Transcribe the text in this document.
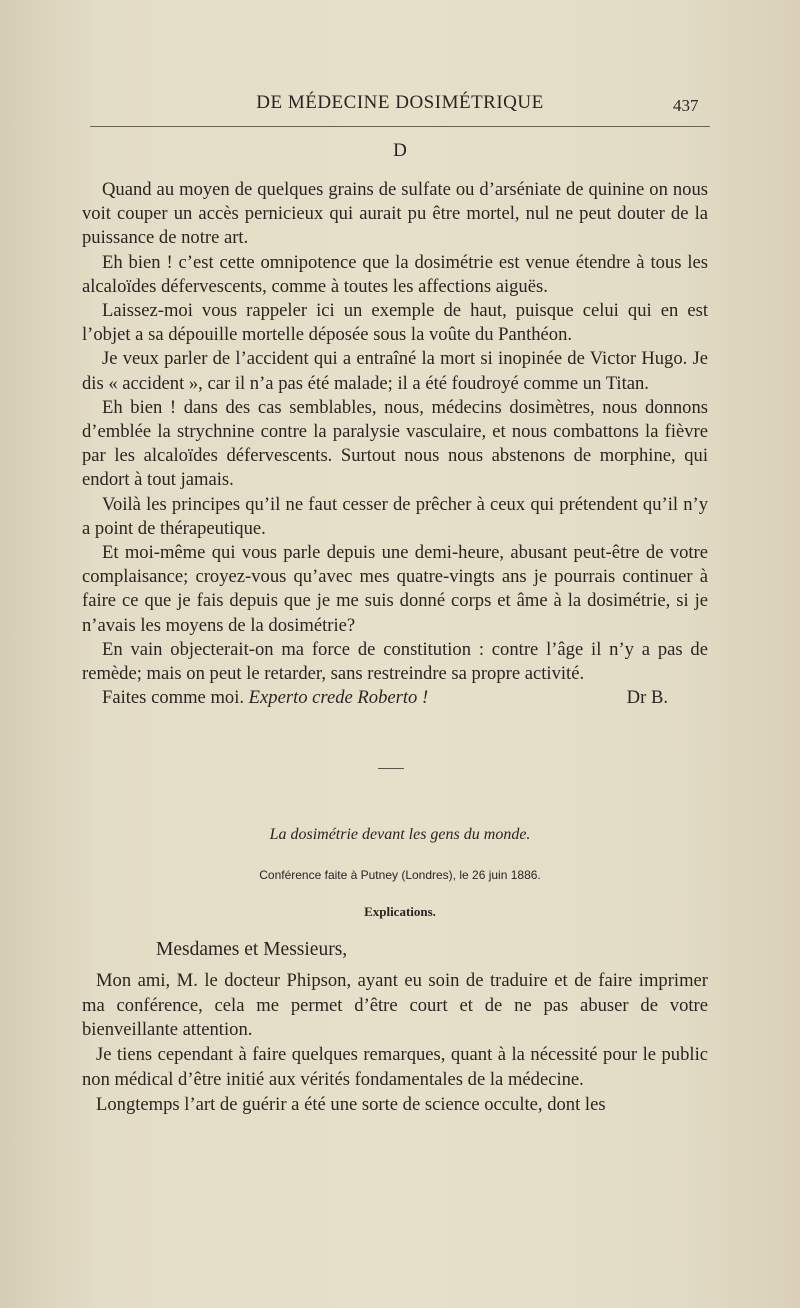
DE MÉDECINE DOSIMÉTRIQUE	437
D

Quand au moyen de quelques grains de sulfate ou d’arséniate de quinine on nous voit couper un accès pernicieux qui aurait pu être mortel, nul ne peut douter de la puissance de notre art.

Eh bien ! c’est cette omnipotence que la dosimétrie est venue étendre à tous les alcaloïdes défervescents, comme à toutes les affections aiguës.

Laissez-moi vous rappeler ici un exemple de haut, puisque celui qui en est l’objet a sa dépouille mortelle déposée sous la voûte du Panthéon.

Je veux parler de l’accident qui a entraîné la mort si inopinée de Victor Hugo. Je dis « accident », car il n’a pas été malade; il a été foudroyé comme un Titan.

Eh bien ! dans des cas semblables, nous, médecins dosimètres, nous donnons d’emblée la strychnine contre la paralysie vasculaire, et nous combattons la fièvre par les alcaloïdes défervescents. Surtout nous nous abstenons de morphine, qui endort à tout jamais.

Voilà les principes qu’il ne faut cesser de prêcher à ceux qui prétendent qu’il n’y a point de thérapeutique.

Et moi-même qui vous parle depuis une demi-heure, abusant peut-être de votre complaisance; croyez-vous qu’avec mes quatre-vingts ans je pourrais continuer à faire ce que je fais depuis que je me suis donné corps et âme à la dosimétrie, si je n’avais les moyens de la dosimétrie?

En vain objecterait-on ma force de constitution : contre l’âge il n’y a pas de remède; mais on peut le retarder, sans restreindre sa propre activité.

Faites comme moi. Experto crede Roberto !	Dr B.

La dosimétrie devant les gens du monde.
Conférence faite à Putney (Londres), le 26 juin 1886.
Explications.

Mesdames et Messieurs,

Mon ami, M. le docteur Phipson, ayant eu soin de traduire et de faire imprimer ma conférence, cela me permet d’être court et de ne pas abuser de votre bienveillante attention.

Je tiens cependant à faire quelques remarques, quant à la nécessité pour le public non médical d’être initié aux vérités fondamentales de la médecine.

Longtemps l’art de guérir a été une sorte de science occulte, dont les
